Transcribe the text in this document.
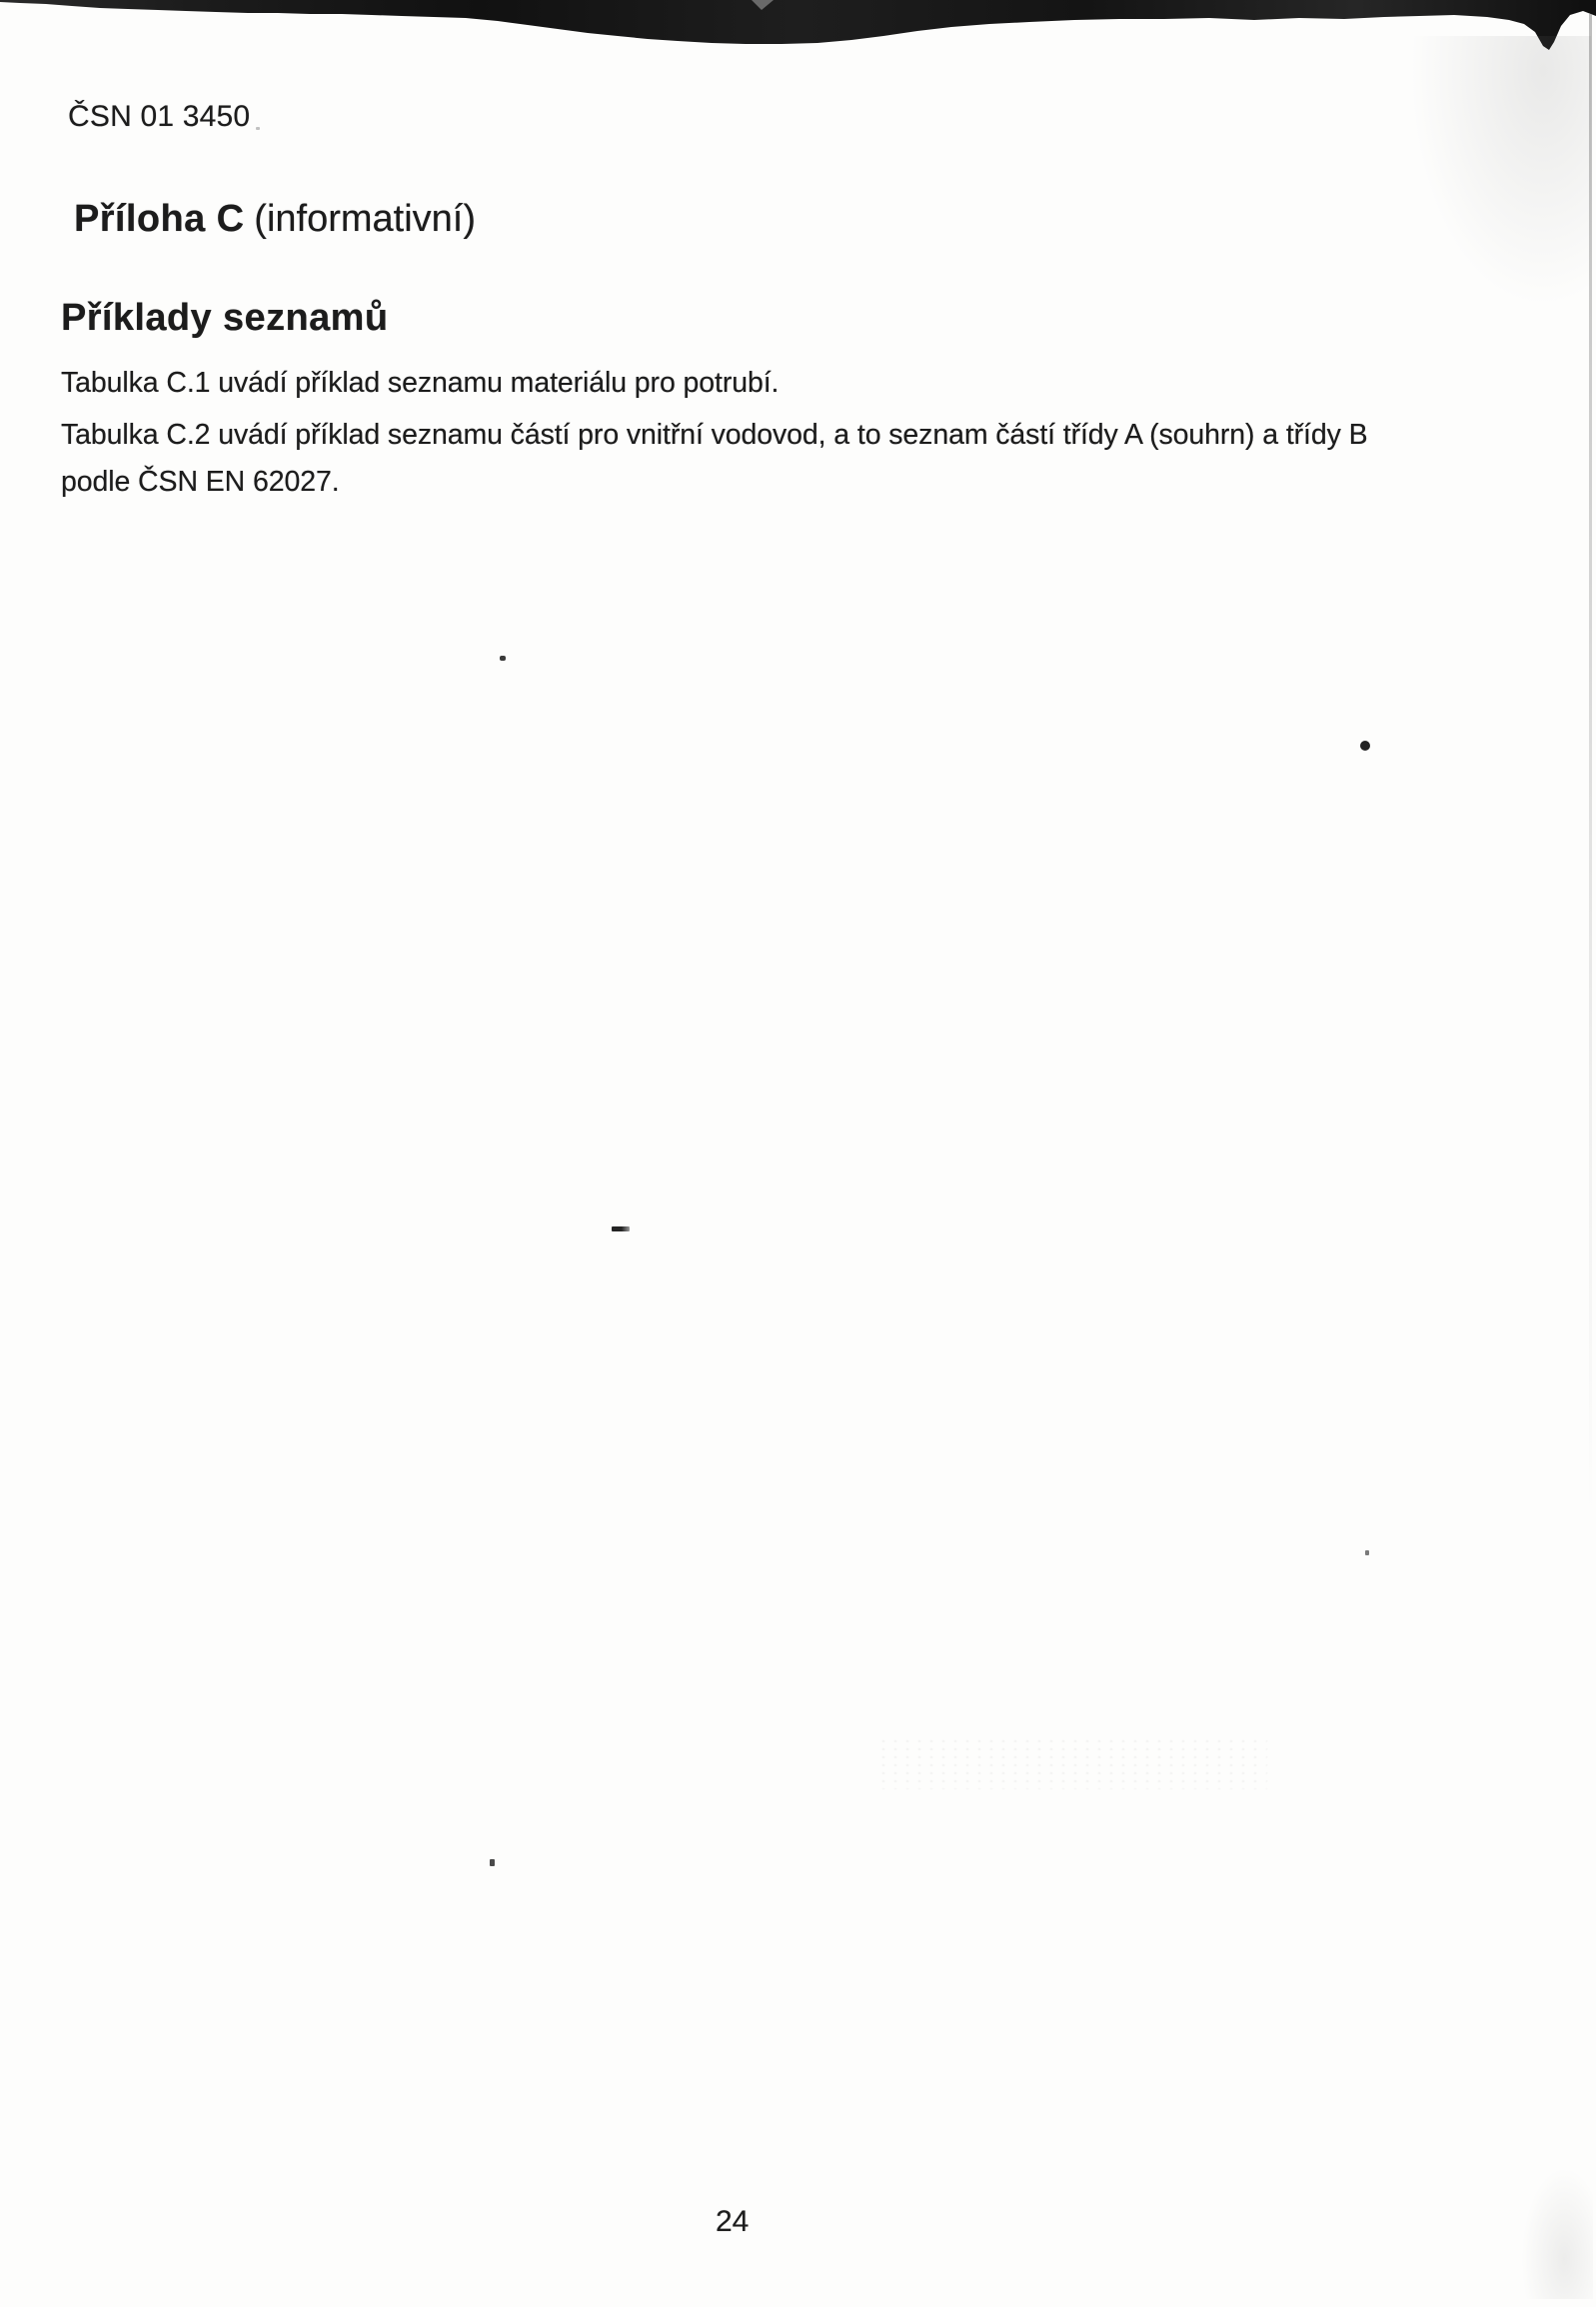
ČSN 01 3450
Příloha C (informativní)
Příklady seznamů
Tabulka C.1 uvádí příklad seznamu materiálu pro potrubí.
Tabulka C.2 uvádí příklad seznamu částí pro vnitřní vodovod, a to seznam částí třídy A (souhrn) a třídy B
podle ČSN EN 62027.
24
